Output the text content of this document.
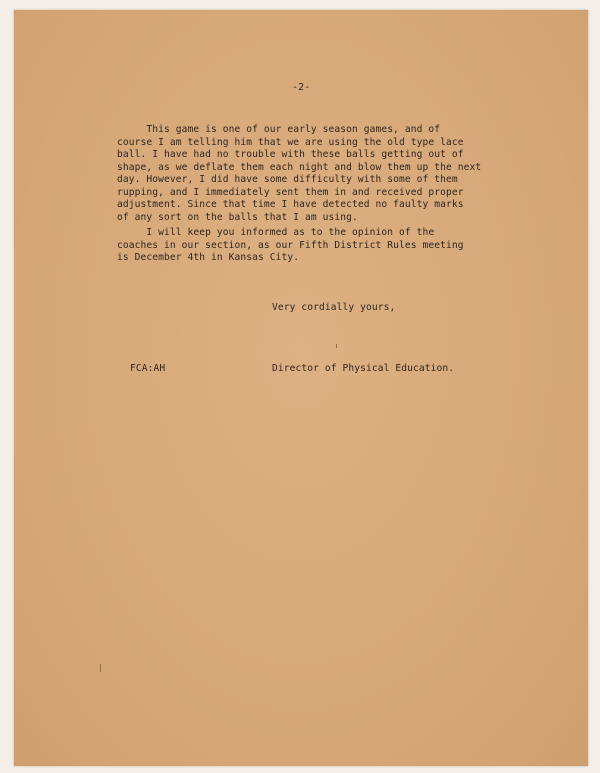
-2-
This game is one of our early season games, and of
course I am telling him that we are using the old type lace
ball. I have had no trouble with these balls getting out of
shape, as we deflate them each night and blow them up the next
day. However, I did have some difficulty with some of them
rupping, and I immediately sent them in and received proper
adjustment. Since that time I have detected no faulty marks
of any sort on the balls that I am using.
I will keep you informed as to the opinion of the
coaches in our section, as our Fifth District Rules meeting
is December 4th in Kansas City.
Very cordially yours,
FCA:AH	Director of Physical Education.
